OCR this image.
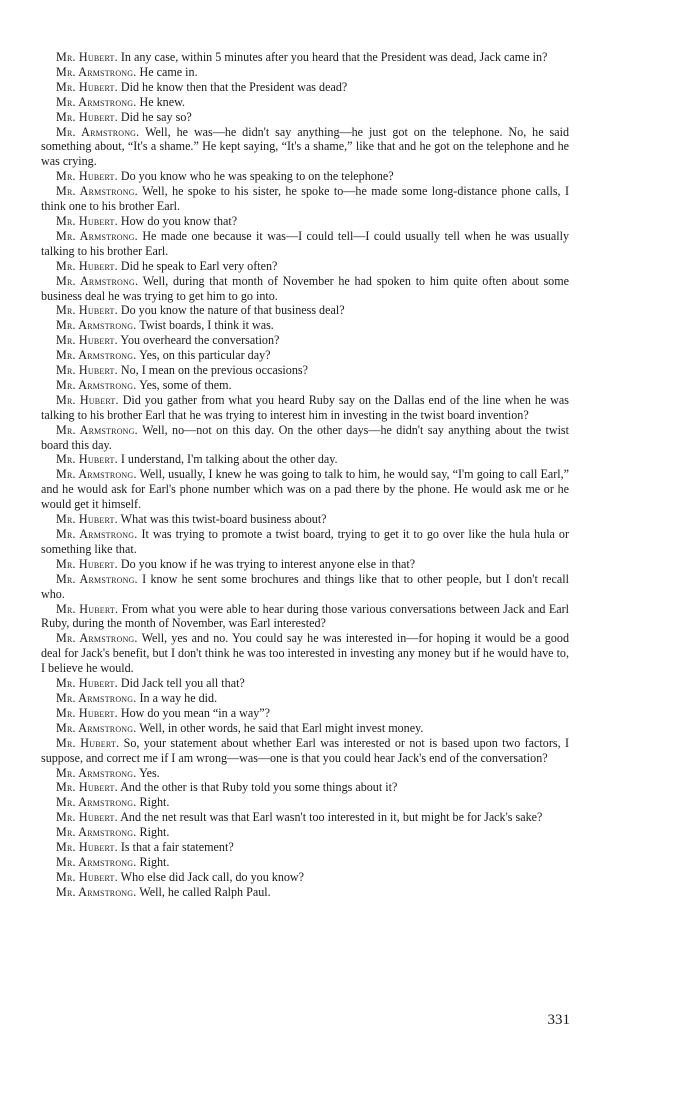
Mr. Hubert. In any case, within 5 minutes after you heard that the President was dead, Jack came in?

Mr. Armstrong. He came in.

Mr. Hubert. Did he know then that the President was dead?

Mr. Armstrong. He knew.

Mr. Hubert. Did he say so?

Mr. Armstrong. Well, he was—he didn't say anything—he just got on the telephone. No, he said something about, “It's a shame.” He kept saying, “It's a shame,” like that and he got on the telephone and he was crying.

Mr. Hubert. Do you know who he was speaking to on the telephone?

Mr. Armstrong. Well, he spoke to his sister, he spoke to—he made some long-distance phone calls, I think one to his brother Earl.

Mr. Hubert. How do you know that?

Mr. Armstrong. He made one because it was—I could tell—I could usually tell when he was usually talking to his brother Earl.

Mr. Hubert. Did he speak to Earl very often?

Mr. Armstrong. Well, during that month of November he had spoken to him quite often about some business deal he was trying to get him to go into.

Mr. Hubert. Do you know the nature of that business deal?

Mr. Armstrong. Twist boards, I think it was.

Mr. Hubert. You overheard the conversation?

Mr. Armstrong. Yes, on this particular day?

Mr. Hubert. No, I mean on the previous occasions?

Mr. Armstrong. Yes, some of them.

Mr. Hubert. Did you gather from what you heard Ruby say on the Dallas end of the line when he was talking to his brother Earl that he was trying to interest him in investing in the twist board invention?

Mr. Armstrong. Well, no—not on this day. On the other days—he didn't say anything about the twist board this day.

Mr. Hubert. I understand, I'm talking about the other day.

Mr. Armstrong. Well, usually, I knew he was going to talk to him, he would say, “I'm going to call Earl,” and he would ask for Earl's phone number which was on a pad there by the phone. He would ask me or he would get it himself.

Mr. Hubert. What was this twist-board business about?

Mr. Armstrong. It was trying to promote a twist board, trying to get it to go over like the hula hula or something like that.

Mr. Hubert. Do you know if he was trying to interest anyone else in that?

Mr. Armstrong. I know he sent some brochures and things like that to other people, but I don't recall who.

Mr. Hubert. From what you were able to hear during those various conversations between Jack and Earl Ruby, during the month of November, was Earl interested?

Mr. Armstrong. Well, yes and no. You could say he was interested in—for hoping it would be a good deal for Jack's benefit, but I don't think he was too interested in investing any money but if he would have to, I believe he would.

Mr. Hubert. Did Jack tell you all that?

Mr. Armstrong. In a way he did.

Mr. Hubert. How do you mean “in a way”?

Mr. Armstrong. Well, in other words, he said that Earl might invest money.

Mr. Hubert. So, your statement about whether Earl was interested or not is based upon two factors, I suppose, and correct me if I am wrong—was—one is that you could hear Jack's end of the conversation?

Mr. Armstrong. Yes.

Mr. Hubert. And the other is that Ruby told you some things about it?

Mr. Armstrong. Right.

Mr. Hubert. And the net result was that Earl wasn't too interested in it, but might be for Jack's sake?

Mr. Armstrong. Right.

Mr. Hubert. Is that a fair statement?

Mr. Armstrong. Right.

Mr. Hubert. Who else did Jack call, do you know?

Mr. Armstrong. Well, he called Ralph Paul.

331
